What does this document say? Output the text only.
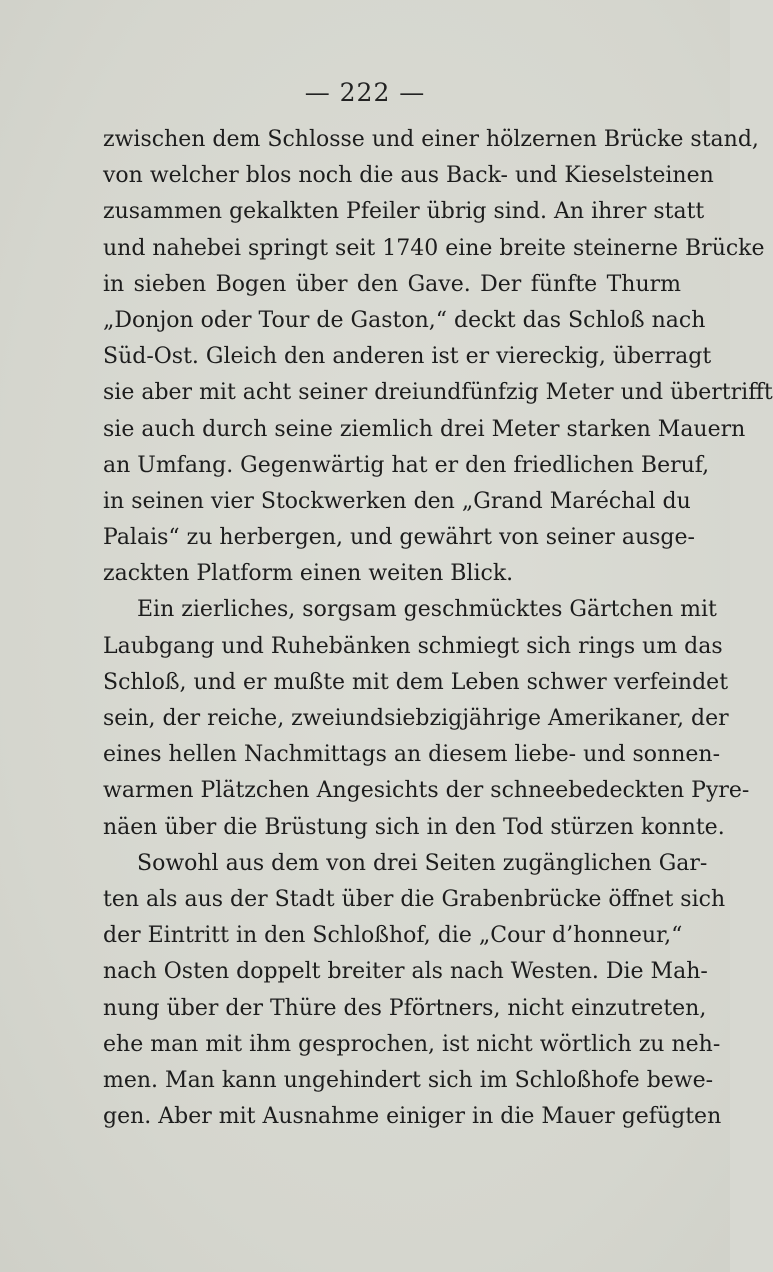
— 222 —
zwischen dem Schlosse und einer hölzernen Brücke stand,
von welcher blos noch die aus Back- und Kieselsteinen
zusammen gekalkten Pfeiler übrig sind. An ihrer statt
und nahebei springt seit 1740 eine breite steinerne Brücke
in sieben Bogen über den Gave. Der fünfte Thurm
„Donjon oder Tour de Gaston,“ deckt das Schloß nach
Süd-Ost. Gleich den anderen ist er viereckig, überragt
sie aber mit acht seiner dreiundfünfzig Meter und übertrifft
sie auch durch seine ziemlich drei Meter starken Mauern
an Umfang. Gegenwärtig hat er den friedlichen Beruf,
in seinen vier Stockwerken den „Grand Maréchal du
Palais“ zu herbergen, und gewährt von seiner ausge-
zackten Platform einen weiten Blick.
Ein zierliches, sorgsam geschmücktes Gärtchen mit
Laubgang und Ruhebänken schmiegt sich rings um das
Schloß, und er mußte mit dem Leben schwer verfeindet
sein, der reiche, zweiundsiebzigjährige Amerikaner, der
eines hellen Nachmittags an diesem liebe- und sonnen-
warmen Plätzchen Angesichts der schneebedeckten Pyre-
näen über die Brüstung sich in den Tod stürzen konnte.
Sowohl aus dem von drei Seiten zugänglichen Gar-
ten als aus der Stadt über die Grabenbrücke öffnet sich
der Eintritt in den Schloßhof, die „Cour d’honneur,“
nach Osten doppelt breiter als nach Westen. Die Mah-
nung über der Thüre des Pförtners, nicht einzutreten,
ehe man mit ihm gesprochen, ist nicht wörtlich zu neh-
men. Man kann ungehindert sich im Schloßhofe bewe-
gen. Aber mit Ausnahme einiger in die Mauer gefügten
